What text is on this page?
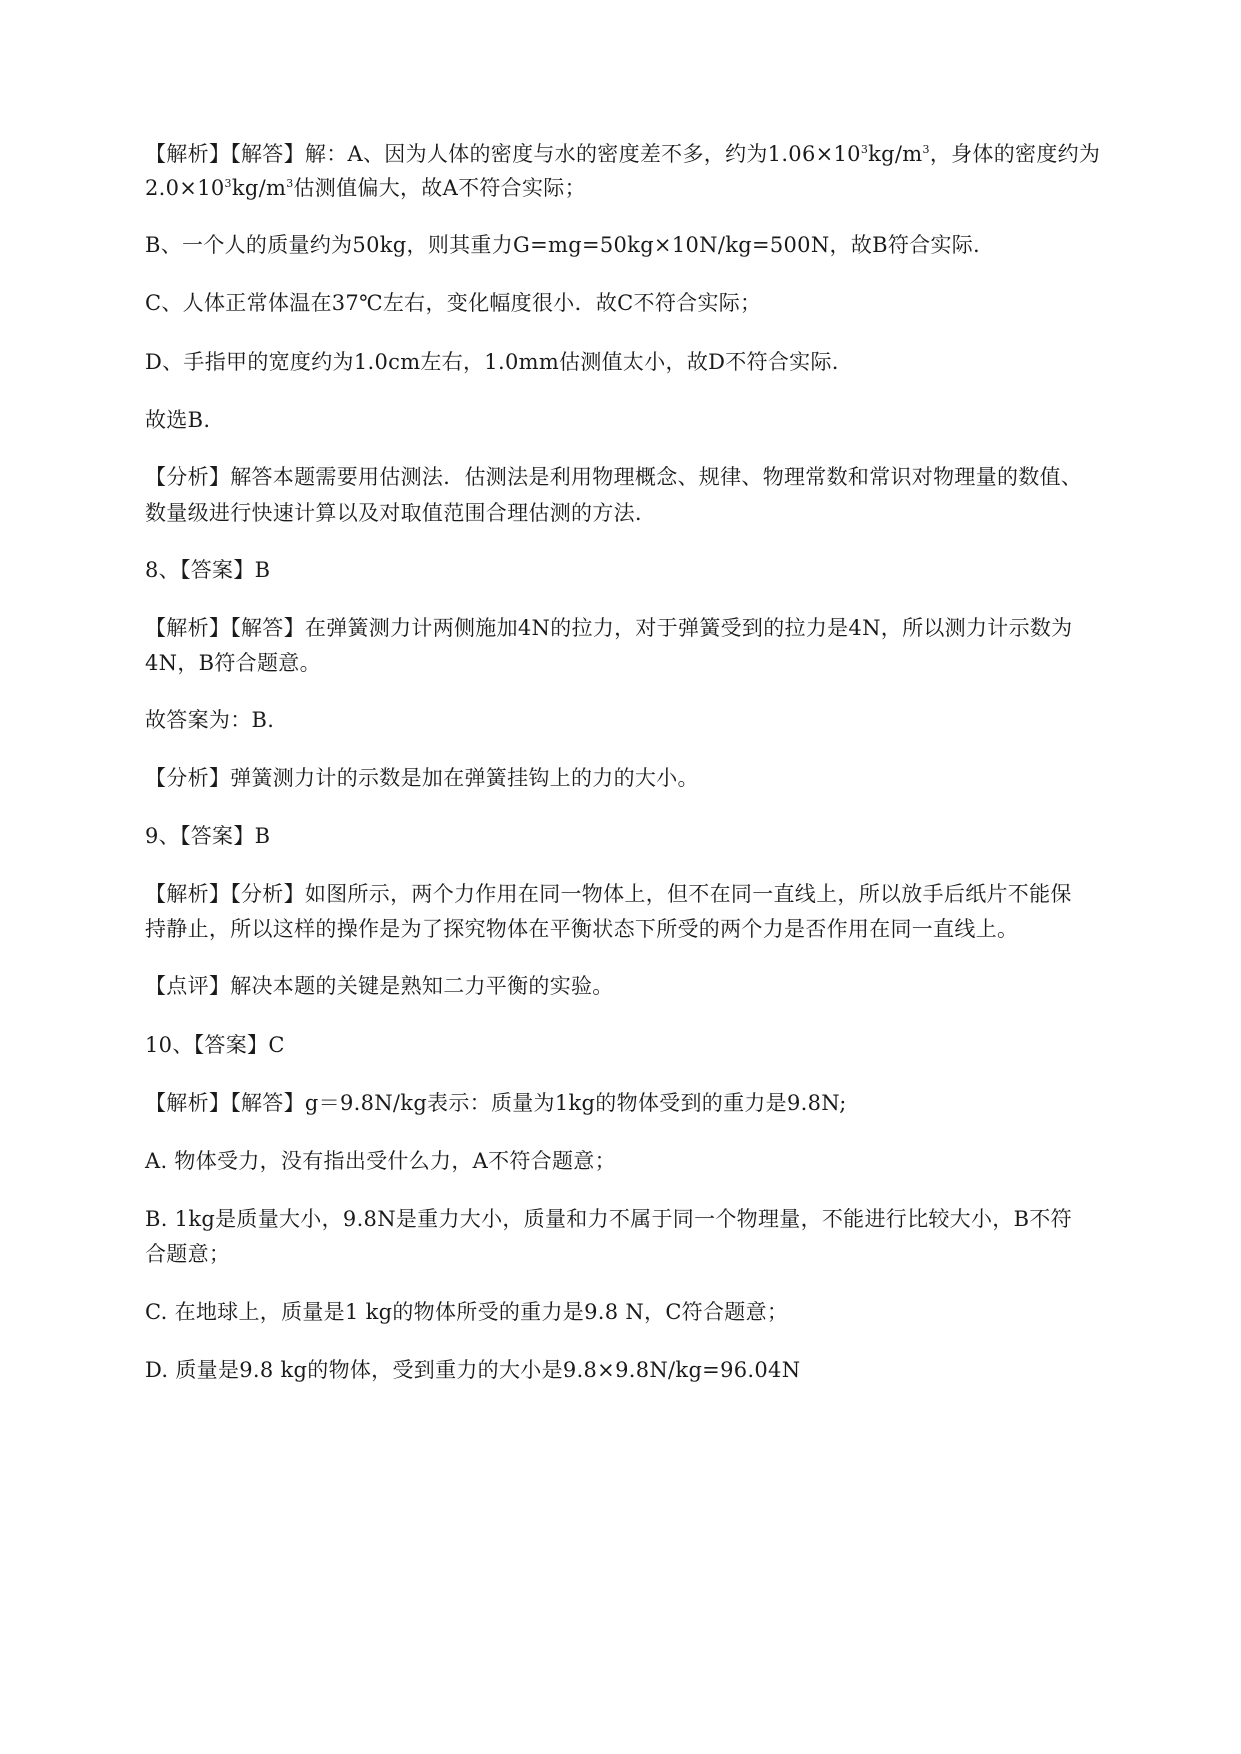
【解析】【解答】解：A、因为人体的密度与水的密度差不多，约为$1.06\times 10^3kg/m^3$，身体的密度约为
$2.0\times 10^3kg/m^3$估测值偏大，故A不符合实际；
B、一个人的质量约为50kg，则其重力G=mg=50kg×10N/kg=500N，故B符合实际.
C、人体正常体温在37℃左右，变化幅度很小．故C不符合实际；
D、手指甲的宽度约为1.0cm左右，1.0mm估测值太小，故D不符合实际.
故选B.
【分析】解答本题需要用估测法．估测法是利用物理概念、规律、物理常数和常识对物理量的数值、
数量级进行快速计算以及对取值范围合理估测的方法.
8、【答案】B
【解析】【解答】在弹簧测力计两侧施加4N的拉力，对于弹簧受到的拉力是4N，所以测力计示数为
4N，B符合题意。
故答案为：B.
【分析】弹簧测力计的示数是加在弹簧挂钩上的力的大小。
9、【答案】B
【解析】【分析】如图所示，两个力作用在同一物体上，但不在同一直线上，所以放手后纸片不能保
持静止，所以这样的操作是为了探究物体在平衡状态下所受的两个力是否作用在同一直线上。
【点评】解决本题的关键是熟知二力平衡的实验。
10、【答案】C
【解析】【解答】g＝9.8N/kg表示：质量为1kg的物体受到的重力是9.8N;
A. 物体受力，没有指出受什么力，A不符合题意；
B. 1kg是质量大小，9.8N是重力大小，质量和力不属于同一个物理量，不能进行比较大小，B不符
合题意；
C. 在地球上，质量是1 kg的物体所受的重力是9.8 N，C符合题意；
D. 质量是9.8 kg的物体，受到重力的大小是9.8×9.8N/kg=96.04N
